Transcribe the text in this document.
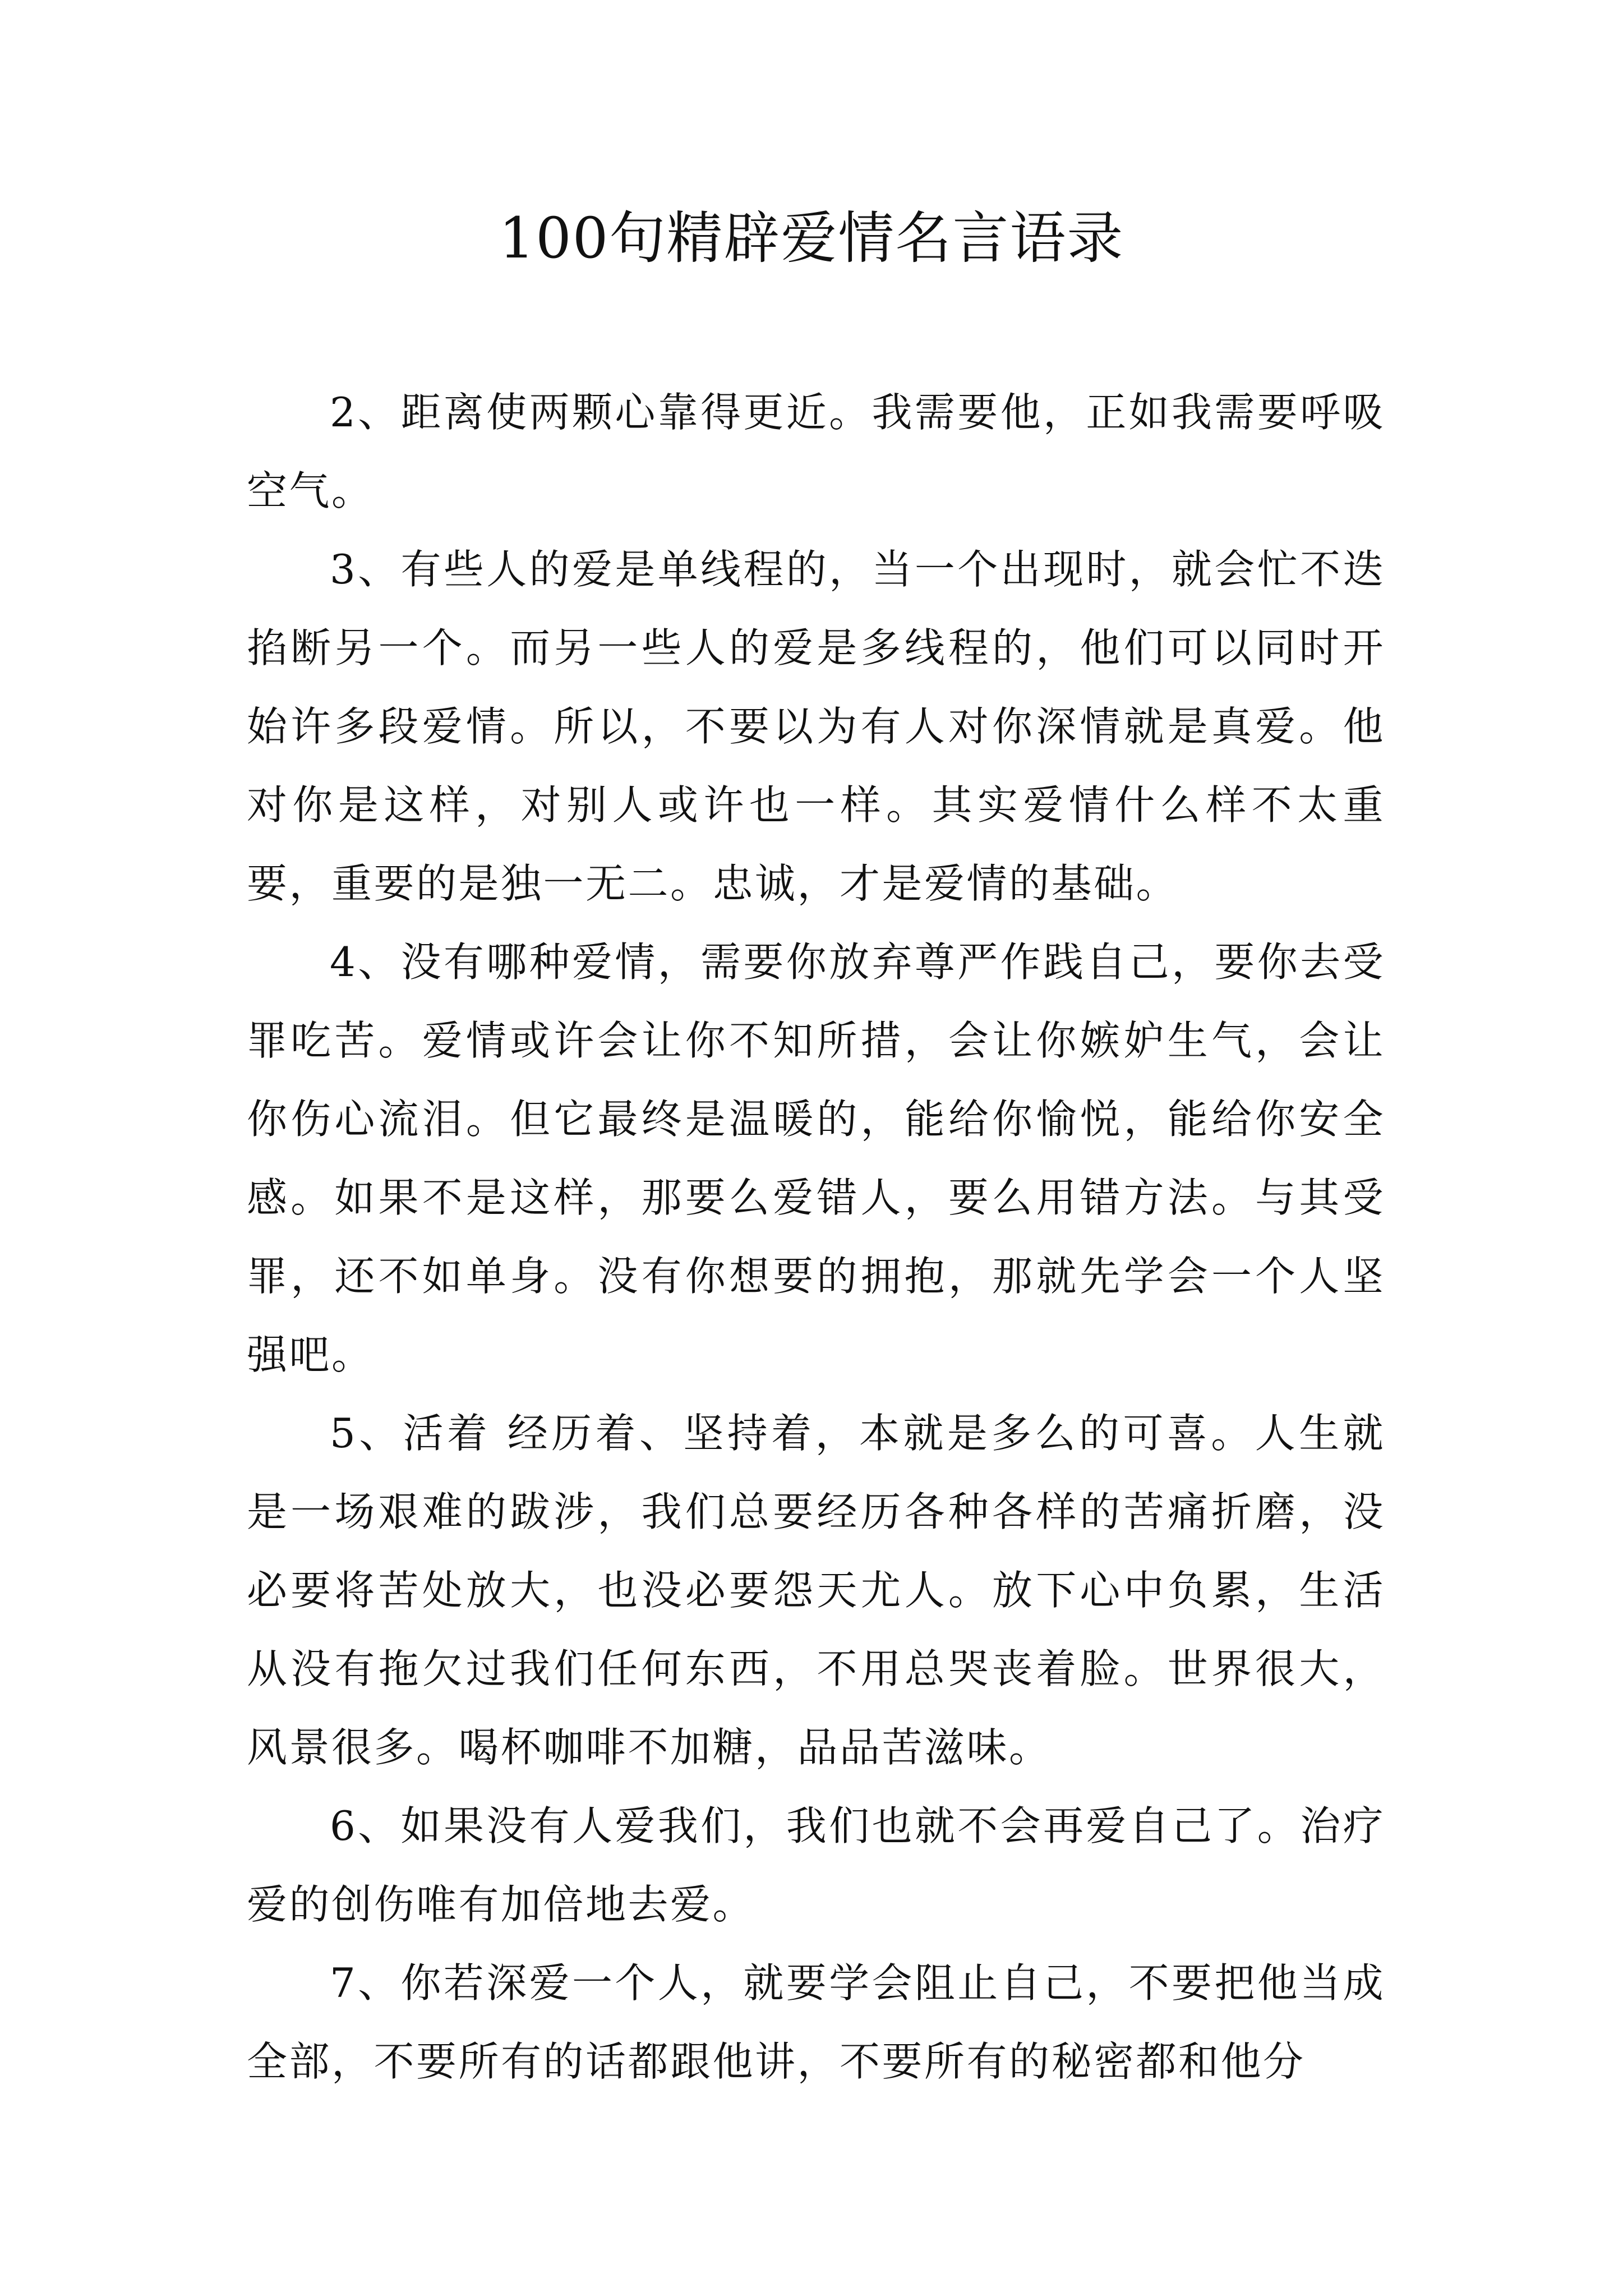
100句精辟爱情名言语录

2、距离使两颗心靠得更近。我需要他，正如我需要呼吸空气。

3、有些人的爱是单线程的，当一个出现时，就会忙不迭掐断另一个。而另一些人的爱是多线程的，他们可以同时开始许多段爱情。所以，不要以为有人对你深情就是真爱。他对你是这样，对别人或许也一样。其实爱情什么样不太重要，重要的是独一无二。忠诚，才是爱情的基础。

4、没有哪种爱情，需要你放弃尊严作践自己，要你去受罪吃苦。爱情或许会让你不知所措，会让你嫉妒生气，会让你伤心流泪。但它最终是温暖的，能给你愉悦，能给你安全感。如果不是这样，那要么爱错人，要么用错方法。与其受罪，还不如单身。没有你想要的拥抱，那就先学会一个人坚强吧。

5、活着 经历着、坚持着，本就是多么的可喜。人生就是一场艰难的跋涉，我们总要经历各种各样的苦痛折磨，没必要将苦处放大，也没必要怨天尤人。放下心中负累，生活从没有拖欠过我们任何东西，不用总哭丧着脸。世界很大，风景很多。喝杯咖啡不加糖，品品苦滋味。

6、如果没有人爱我们，我们也就不会再爱自己了。治疗爱的创伤唯有加倍地去爱。

7、你若深爱一个人，就要学会阻止自己，不要把他当成全部，不要所有的话都跟他讲，不要所有的秘密都和他分
